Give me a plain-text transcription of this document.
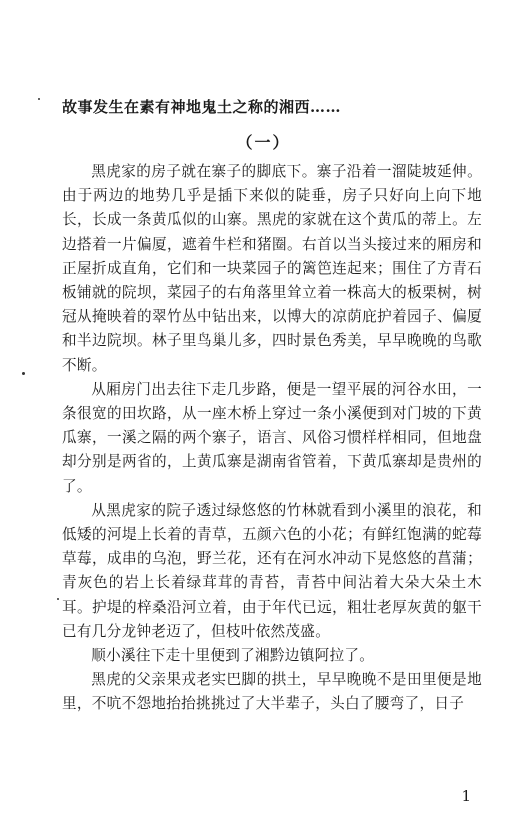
故事发生在素有神地鬼土之称的湘西……
（一）

黑虎家的房子就在寨子的脚底下。寨子沿着一溜陡坡延伸。由于两边的地势几乎是插下来似的陡垂，房子只好向上向下地长，长成一条黄瓜似的山寨。黑虎的家就在这个黄瓜的蒂上。左边搭着一片偏厦，遮着牛栏和猪圈。右首以当头接过来的厢房和正屋折成直角，它们和一块菜园子的篱笆连起来；围住了方青石板铺就的院坝，菜园子的右角落里耸立着一株高大的板栗树，树冠从掩映着的翠竹丛中钻出来，以博大的凉荫庇护着园子、偏厦和半边院坝。林子里鸟巢儿多，四时景色秀美，早早晚晚的鸟歌不断。

从厢房门出去往下走几步路，便是一望平展的河谷水田，一条很宽的田坎路，从一座木桥上穿过一条小溪便到对门坡的下黄瓜寨，一溪之隔的两个寨子，语言、风俗习惯样样相同，但地盘却分别是两省的，上黄瓜寨是湖南省管着，下黄瓜寨却是贵州的了。

从黑虎家的院子透过绿悠悠的竹林就看到小溪里的浪花，和低矮的河堤上长着的青草，五颜六色的小花；有鲜红饱满的蛇莓草莓，成串的乌泡，野兰花，还有在河水冲动下晃悠悠的菖蒲；青灰色的岩上长着绿茸茸的青苔，青苔中间沾着大朵大朵土木耳。护堤的梓桑沿河立着，由于年代已远，粗壮老厚灰黄的躯干已有几分龙钟老迈了，但枝叶依然茂盛。

顺小溪往下走十里便到了湘黔边镇阿拉了。

黑虎的父亲果戎老实巴脚的拱土，早早晚晚不是田里便是地里，不吭不怨地抬抬挑挑过了大半辈子，头白了腰弯了，日子

1
